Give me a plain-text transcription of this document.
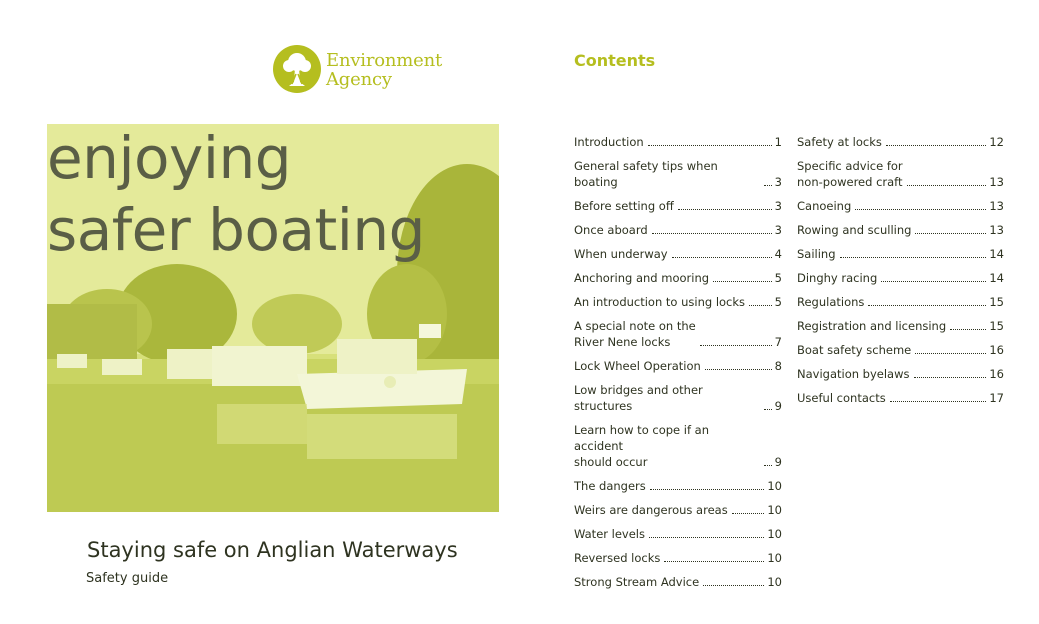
Environment
Agency
enjoying
safer boating
Staying safe on Anglian Waterways
Safety guide
Contents
Introduction	1
General safety tips when boating	3
Before setting off	3
Once aboard	3
When underway	4
Anchoring and mooring	5
An introduction to using locks	5
A special note on the
River Nene locks	7
Lock Wheel Operation	8
Low bridges and other structures	9
Learn how to cope if an accident
should occur	9
The dangers	10
Weirs are dangerous areas	10
Water levels	10
Reversed locks	10
Strong Stream Advice	10
Safety at locks	12
Specific advice for
non-powered craft	13
Canoeing	13
Rowing and sculling	13
Sailing	14
Dinghy racing	14
Regulations	15
Registration and licensing	15
Boat safety scheme	16
Navigation byelaws	16
Useful contacts	17
